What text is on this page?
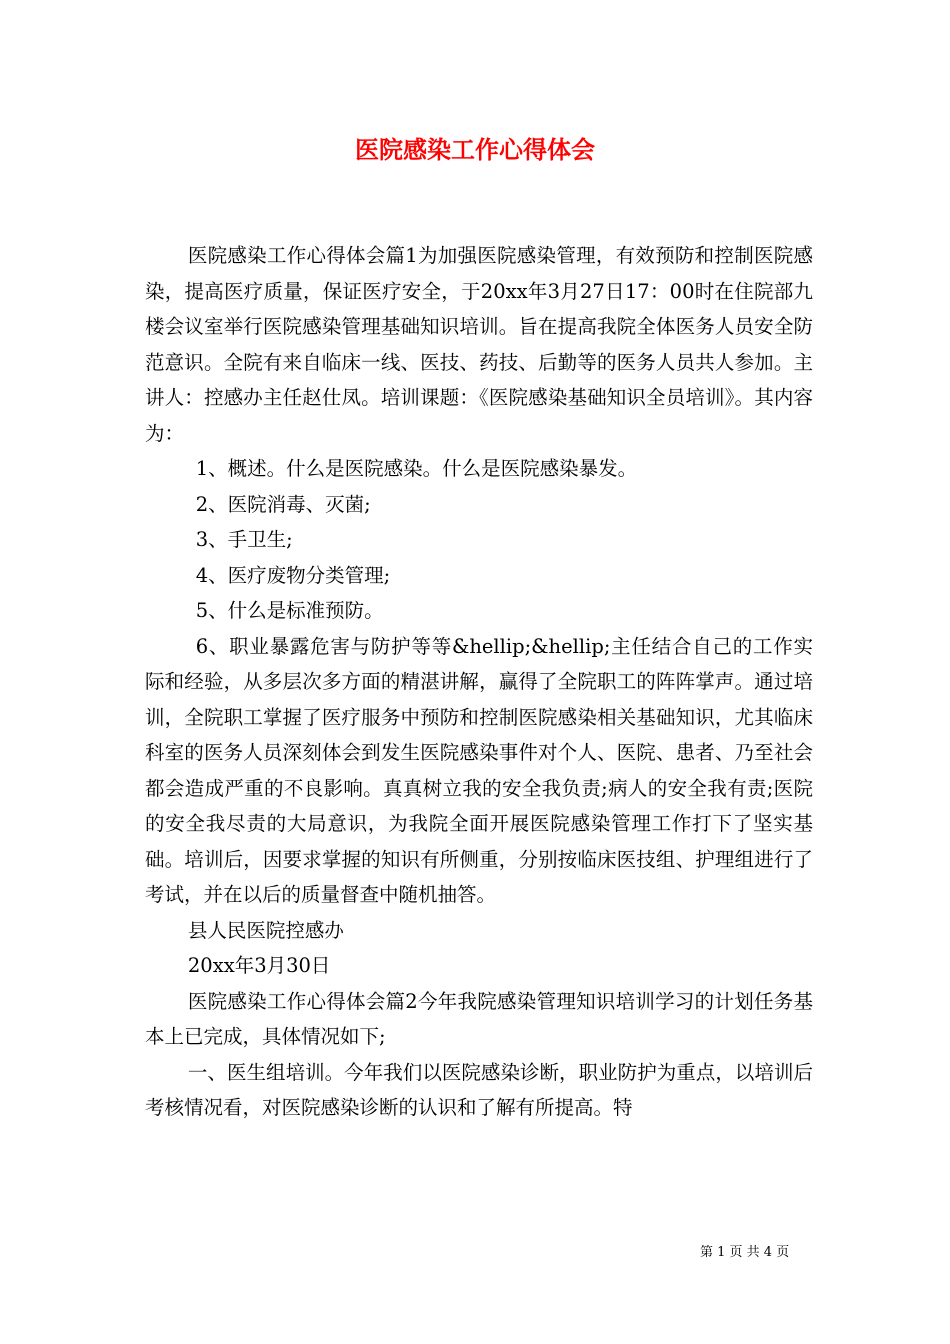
医院感染工作心得体会

医院感染工作心得体会篇1为加强医院感染管理，有效预防和控制医院感染，提高医疗质量，保证医疗安全，于20xx年3月27日17：00时在住院部九楼会议室举行医院感染管理基础知识培训。旨在提高我院全体医务人员安全防范意识。全院有来自临床一线、医技、药技、后勤等的医务人员共人参加。主讲人：控感办主任赵仕凤。培训课题：《医院感染基础知识全员培训》。其内容为：

1、概述。什么是医院感染。什么是医院感染暴发。

2、医院消毒、灭菌;

3、手卫生;

4、医疗废物分类管理;

5、什么是标准预防。

6、职业暴露危害与防护等等&hellip;&hellip;主任结合自己的工作实际和经验，从多层次多方面的精湛讲解，赢得了全院职工的阵阵掌声。通过培训，全院职工掌握了医疗服务中预防和控制医院感染相关基础知识，尤其临床科室的医务人员深刻体会到发生医院感染事件对个人、医院、患者、乃至社会都会造成严重的不良影响。真真树立我的安全我负责;病人的安全我有责;医院的安全我尽责的大局意识，为我院全面开展医院感染管理工作打下了坚实基础。培训后，因要求掌握的知识有所侧重，分别按临床医技组、护理组进行了考试，并在以后的质量督查中随机抽答。

县人民医院控感办

20xx年3月30日

医院感染工作心得体会篇2今年我院感染管理知识培训学习的计划任务基本上已完成，具体情况如下;

一、医生组培训。今年我们以医院感染诊断，职业防护为重点，以培训后考核情况看，对医院感染诊断的认识和了解有所提高。特

第 1 页 共 4 页
